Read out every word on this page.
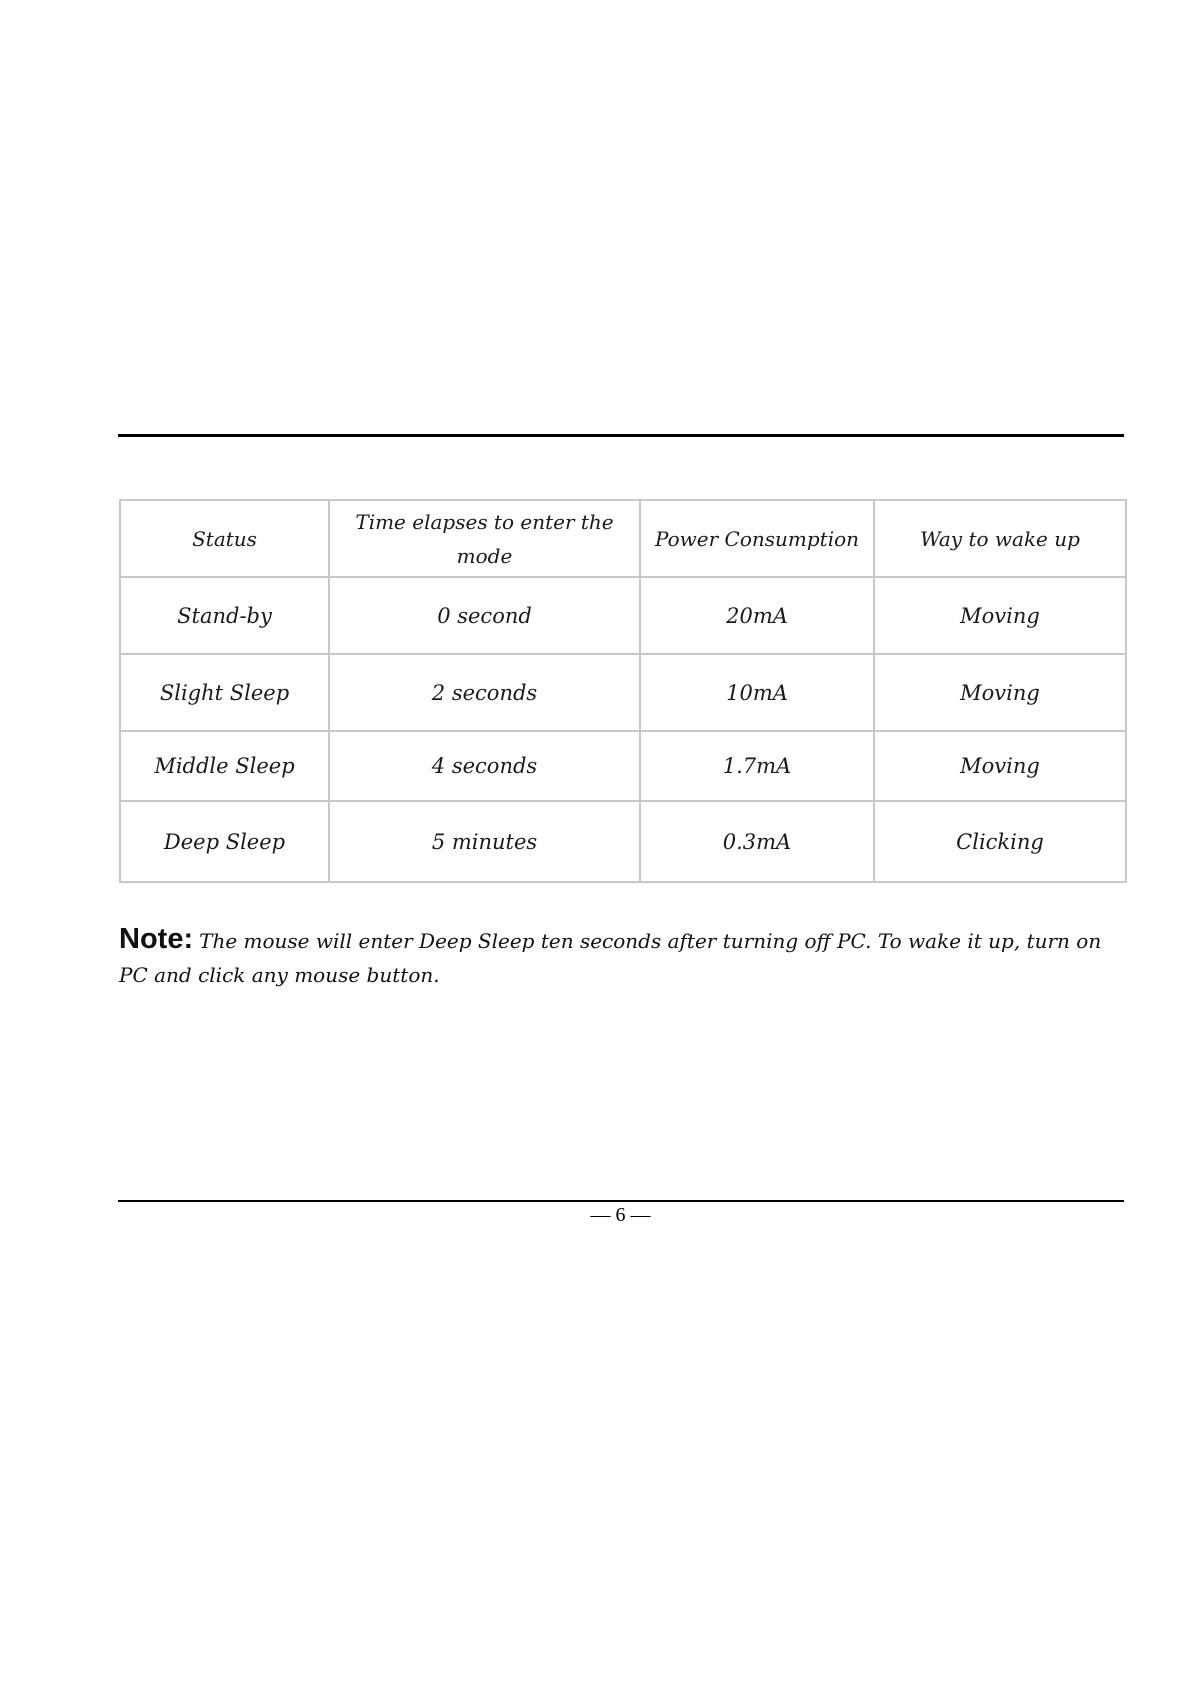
Status	Time elapses to enter the mode	Power Consumption	Way to wake up
Stand-by	0 second	20mA	Moving
Slight Sleep	2 seconds	10mA	Moving
Middle Sleep	4 seconds	1.7mA	Moving
Deep Sleep	5 minutes	0.3mA	Clicking
Note: The mouse will enter Deep Sleep ten seconds after turning off PC. To wake it up, turn on PC and click any mouse button.
— 6 —
